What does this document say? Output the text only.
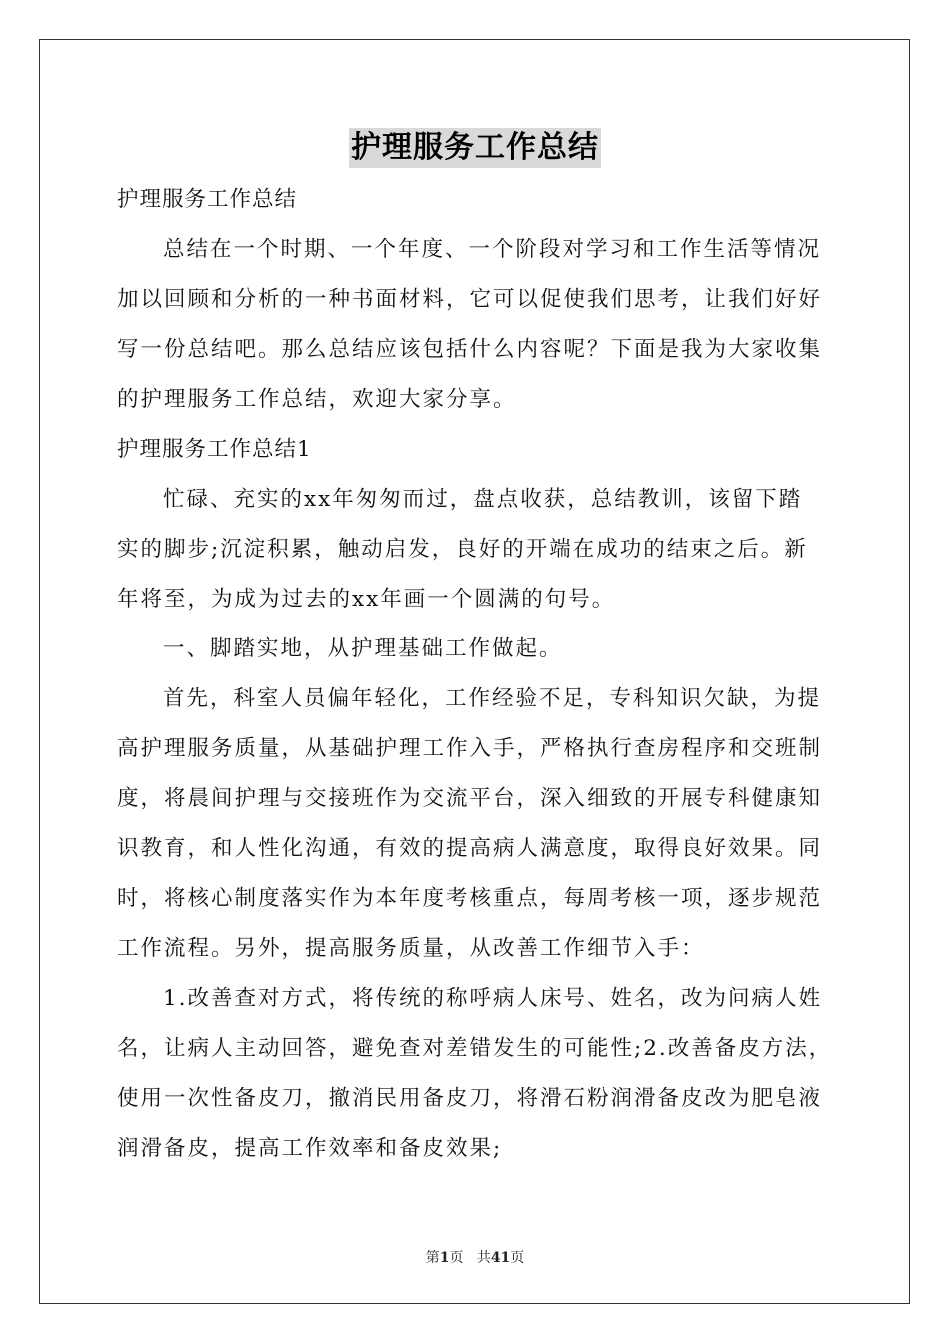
护理服务工作总结
护理服务工作总结
总结在一个时期、一个年度、一个阶段对学习和工作生活等情况
加以回顾和分析的一种书面材料，它可以促使我们思考，让我们好好
写一份总结吧。那么总结应该包括什么内容呢？下面是我为大家收集
的护理服务工作总结，欢迎大家分享。
护理服务工作总结1
忙碌、充实的xx年匆匆而过，盘点收获，总结教训，该留下踏
实的脚步;沉淀积累，触动启发，良好的开端在成功的结束之后。新
年将至，为成为过去的xx年画一个圆满的句号。
一、脚踏实地，从护理基础工作做起。
首先，科室人员偏年轻化，工作经验不足，专科知识欠缺，为提
高护理服务质量，从基础护理工作入手，严格执行查房程序和交班制
度，将晨间护理与交接班作为交流平台，深入细致的开展专科健康知
识教育，和人性化沟通，有效的提高病人满意度，取得良好效果。同
时，将核心制度落实作为本年度考核重点，每周考核一项，逐步规范
工作流程。另外，提高服务质量，从改善工作细节入手：
1.改善查对方式，将传统的称呼病人床号、姓名，改为问病人姓
名，让病人主动回答，避免查对差错发生的可能性;2.改善备皮方法，
使用一次性备皮刀，撤消民用备皮刀，将滑石粉润滑备皮改为肥皂液
润滑备皮，提高工作效率和备皮效果;
第1页 共41页
